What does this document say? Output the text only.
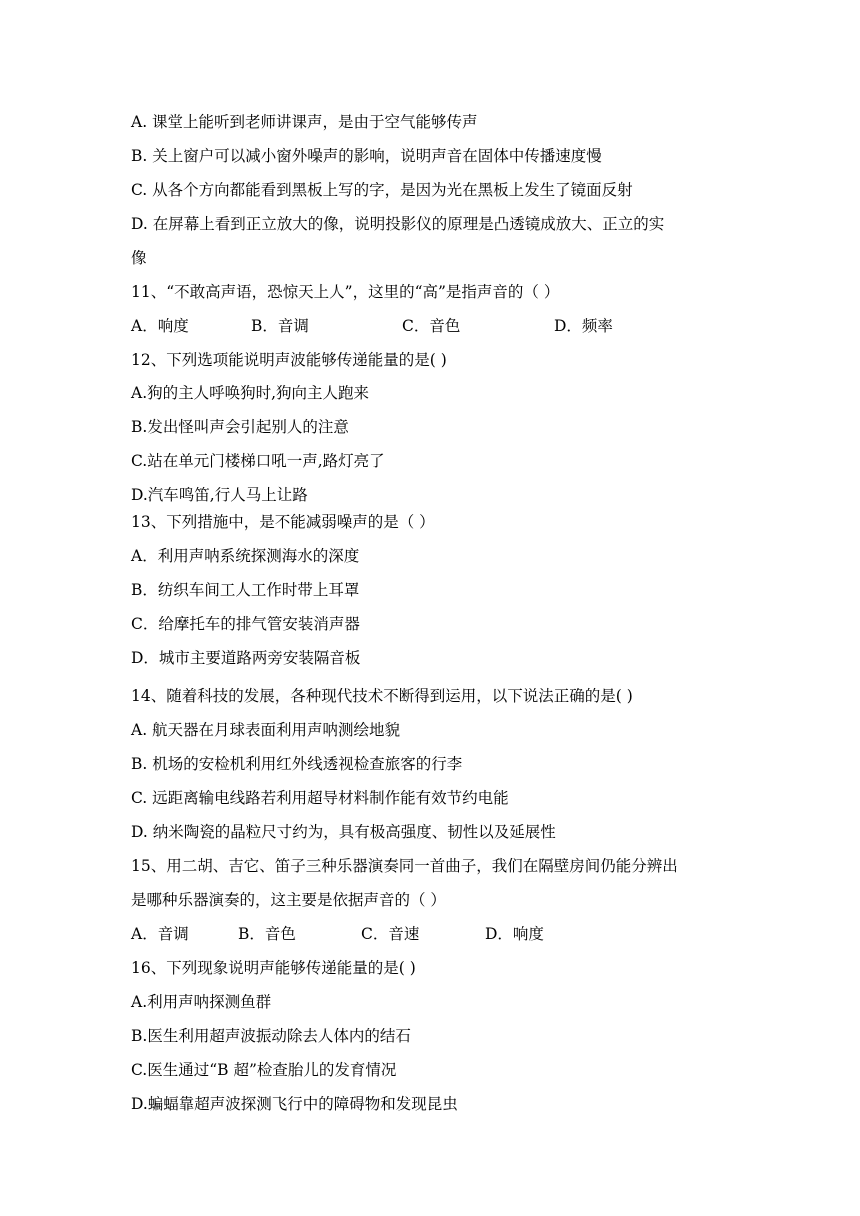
A. 课堂上能听到老师讲课声，是由于空气能够传声
B. 关上窗户可以减小窗外噪声的影响，说明声音在固体中传播速度慢
C. 从各个方向都能看到黑板上写的字，是因为光在黑板上发生了镜面反射
D. 在屏幕上看到正立放大的像，说明投影仪的原理是凸透镜成放大、正立的实
像
11、“不敢高声语，恐惊天上人”，这里的“高”是指声音的（ ）
A．响度	B．音调	C．音色	D．频率
12、下列选项能说明声波能够传递能量的是( )
A.狗的主人呼唤狗时,狗向主人跑来
B.发出怪叫声会引起别人的注意
C.站在单元门楼梯口吼一声,路灯亮了
D.汽车鸣笛,行人马上让路
13、下列措施中，是不能减弱噪声的是（ ）
A．利用声呐系统探测海水的深度
B．纺织车间工人工作时带上耳罩
C．给摩托车的排气管安装消声器
D．城市主要道路两旁安装隔音板
14、随着科技的发展，各种现代技术不断得到运用，以下说法正确的是( )
A. 航天器在月球表面利用声呐测绘地貌
B. 机场的安检机利用红外线透视检查旅客的行李
C. 远距离输电线路若利用超导材料制作能有效节约电能
D. 纳米陶瓷的晶粒尺寸约为，具有极高强度、韧性以及延展性
15、用二胡、吉它、笛子三种乐器演奏同一首曲子，我们在隔壁房间仍能分辨出
是哪种乐器演奏的，这主要是依据声音的（ ）
A．音调	B．音色	C．音速	D．响度
16、下列现象说明声能够传递能量的是( )
A.利用声呐探测鱼群
B.医生利用超声波振动除去人体内的结石
C.医生通过“B 超”检查胎儿的发育情况
D.蝙蝠靠超声波探测飞行中的障碍物和发现昆虫
